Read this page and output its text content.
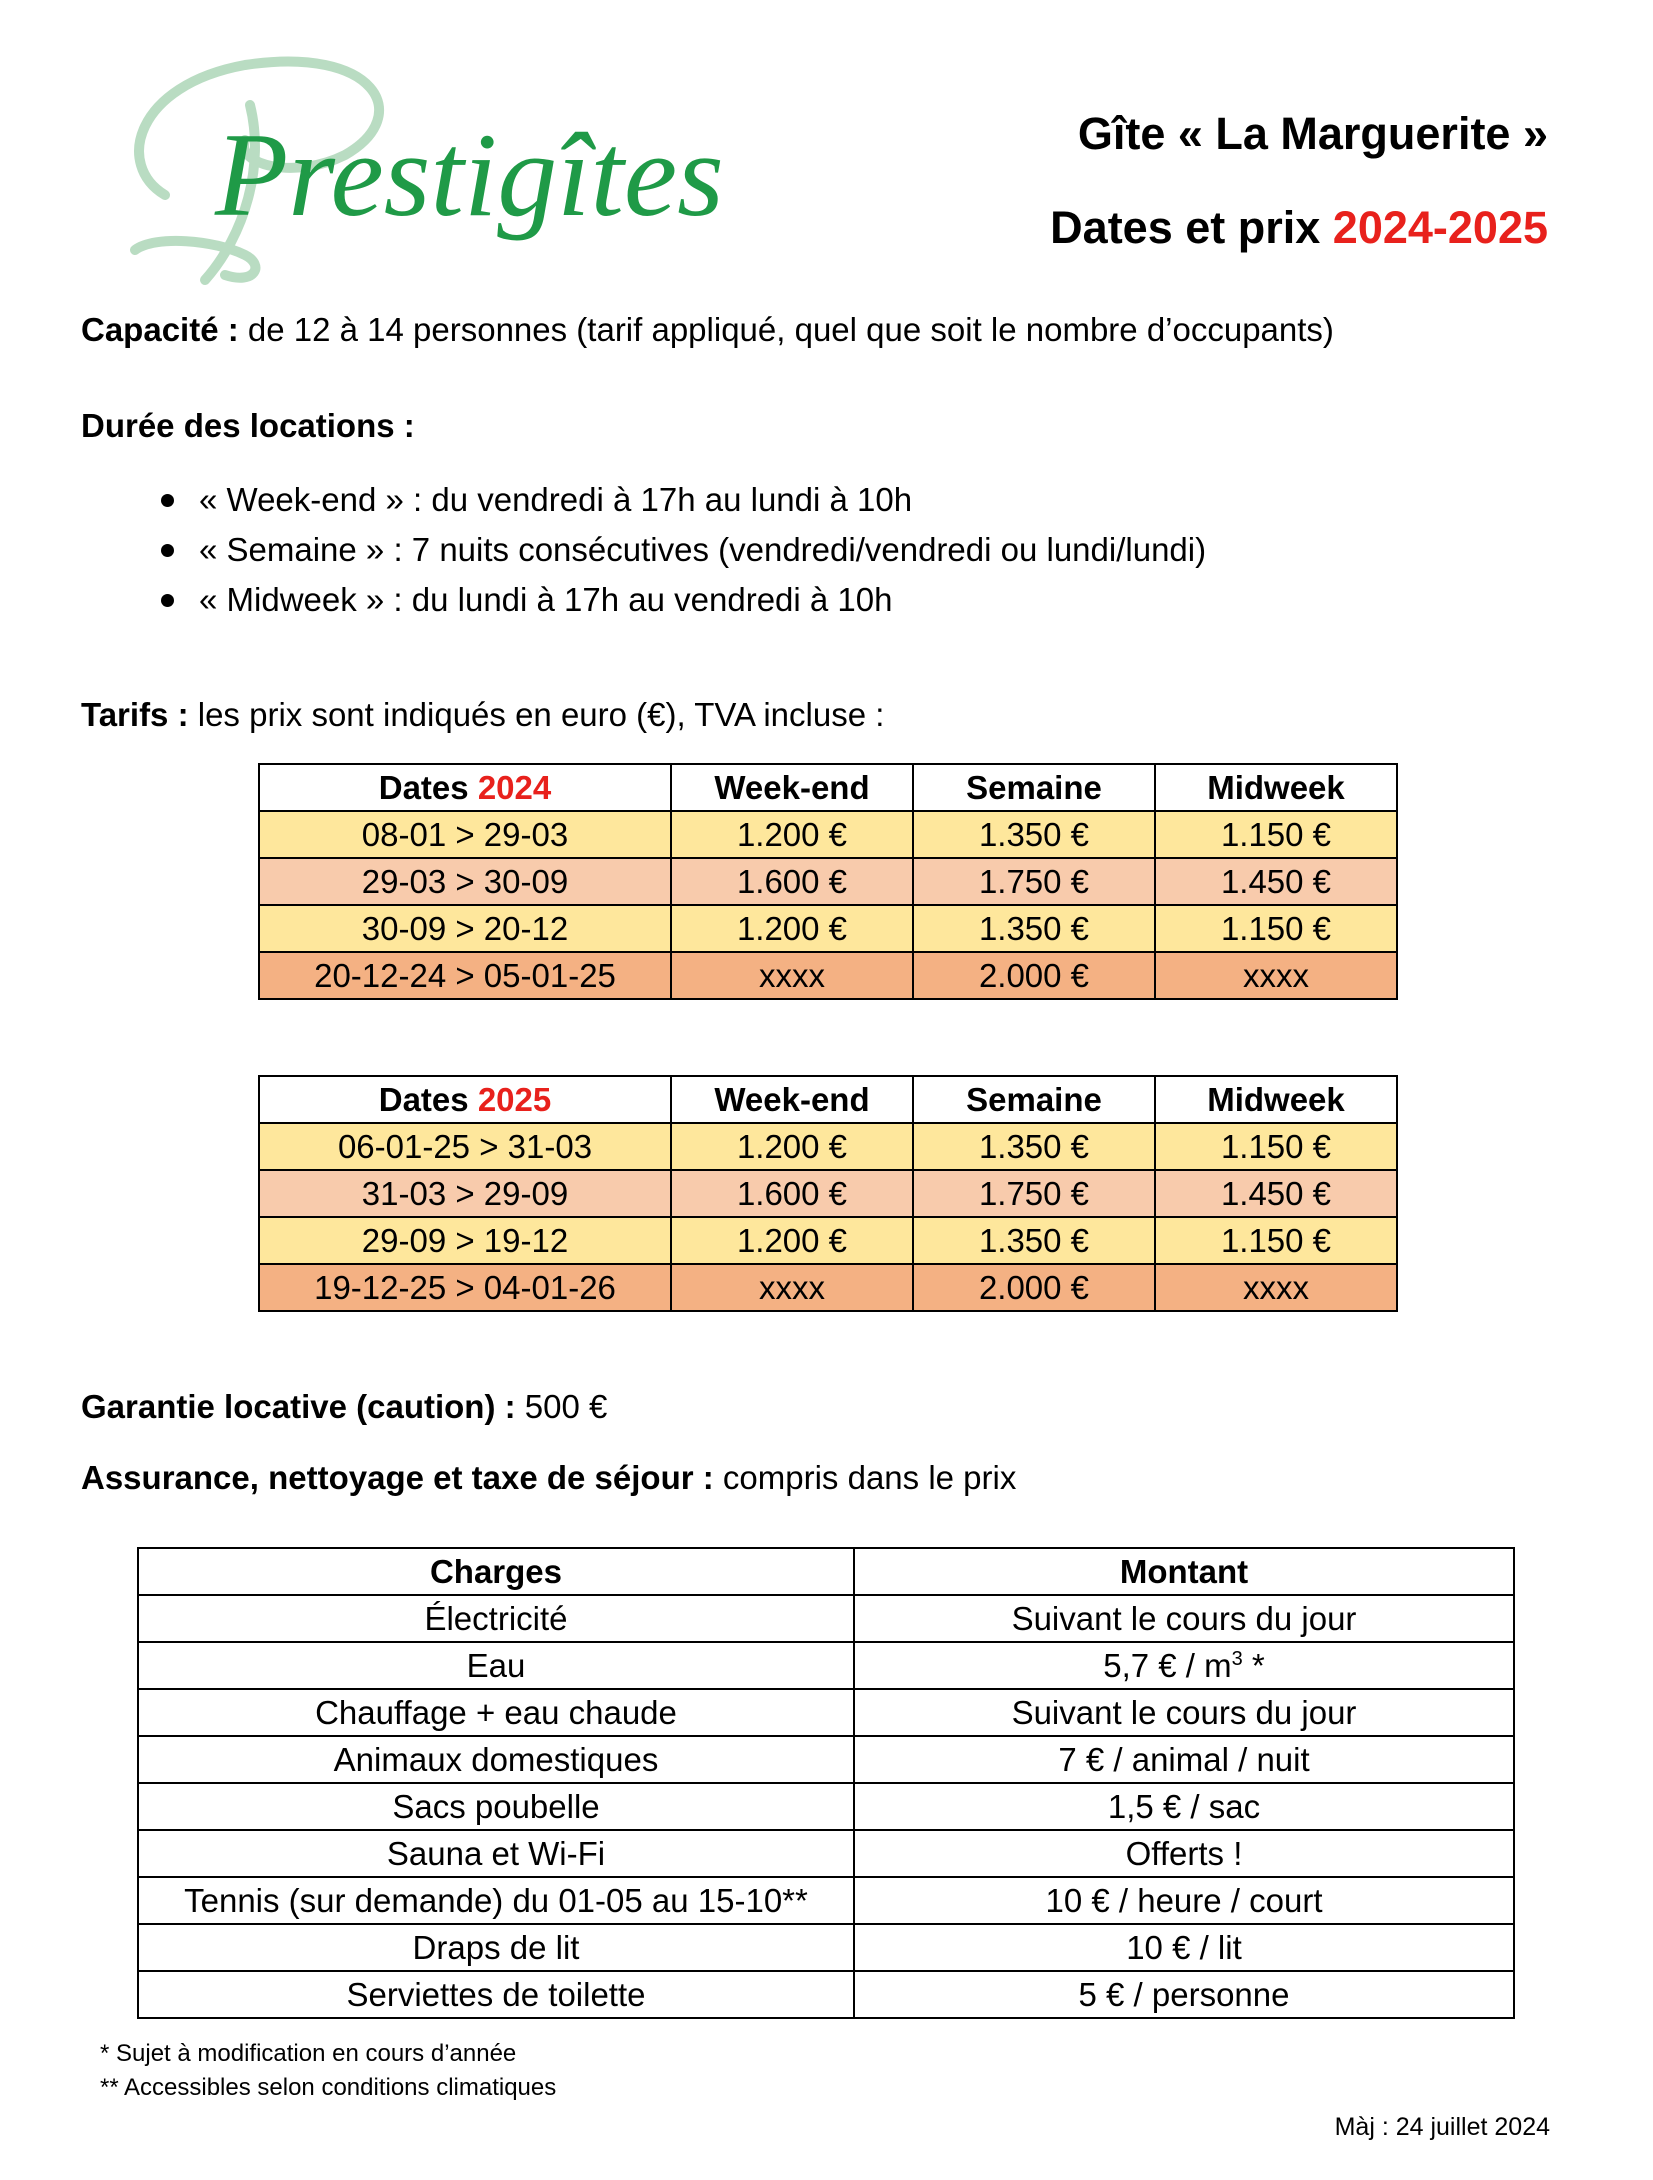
Prestigîtes	Gîte « La Marguerite »
Dates et prix 2024-2025
Capacité : de 12 à 14 personnes (tarif appliqué, quel que soit le nombre d’occupants)
Durée des locations :
« Week-end » : du vendredi à 17h au lundi à 10h
« Semaine » : 7 nuits consécutives (vendredi/vendredi ou lundi/lundi)
« Midweek » : du lundi à 17h au vendredi à 10h
Tarifs : les prix sont indiqués en euro (€), TVA incluse :
Dates 2024	Week-end	Semaine	Midweek
08-01 > 29-03	1.200 €	1.350 €	1.150 €
29-03 > 30-09	1.600 €	1.750 €	1.450 €
30-09 > 20-12	1.200 €	1.350 €	1.150 €
20-12-24 > 05-01-25	xxxx	2.000 €	xxxx
Dates 2025	Week-end	Semaine	Midweek
06-01-25 > 31-03	1.200 €	1.350 €	1.150 €
31-03 > 29-09	1.600 €	1.750 €	1.450 €
29-09 > 19-12	1.200 €	1.350 €	1.150 €
19-12-25 > 04-01-26	xxxx	2.000 €	xxxx
Garantie locative (caution) : 500 €
Assurance, nettoyage et taxe de séjour : compris dans le prix
Charges	Montant
Électricité	Suivant le cours du jour
Eau	5,7 € / $m^3$ *
Chauffage + eau chaude	Suivant le cours du jour
Animaux domestiques	7 € / animal / nuit
Sacs poubelle	1,5 € / sac
Sauna et Wi-Fi	Offerts !
Tennis (sur demande) du 01-05 au 15-10**	10 € / heure / court
Draps de lit	10 € / lit
Serviettes de toilette	5 € / personne
* Sujet à modification en cours d’année
** Accessibles selon conditions climatiques
Màj : 24 juillet 2024
